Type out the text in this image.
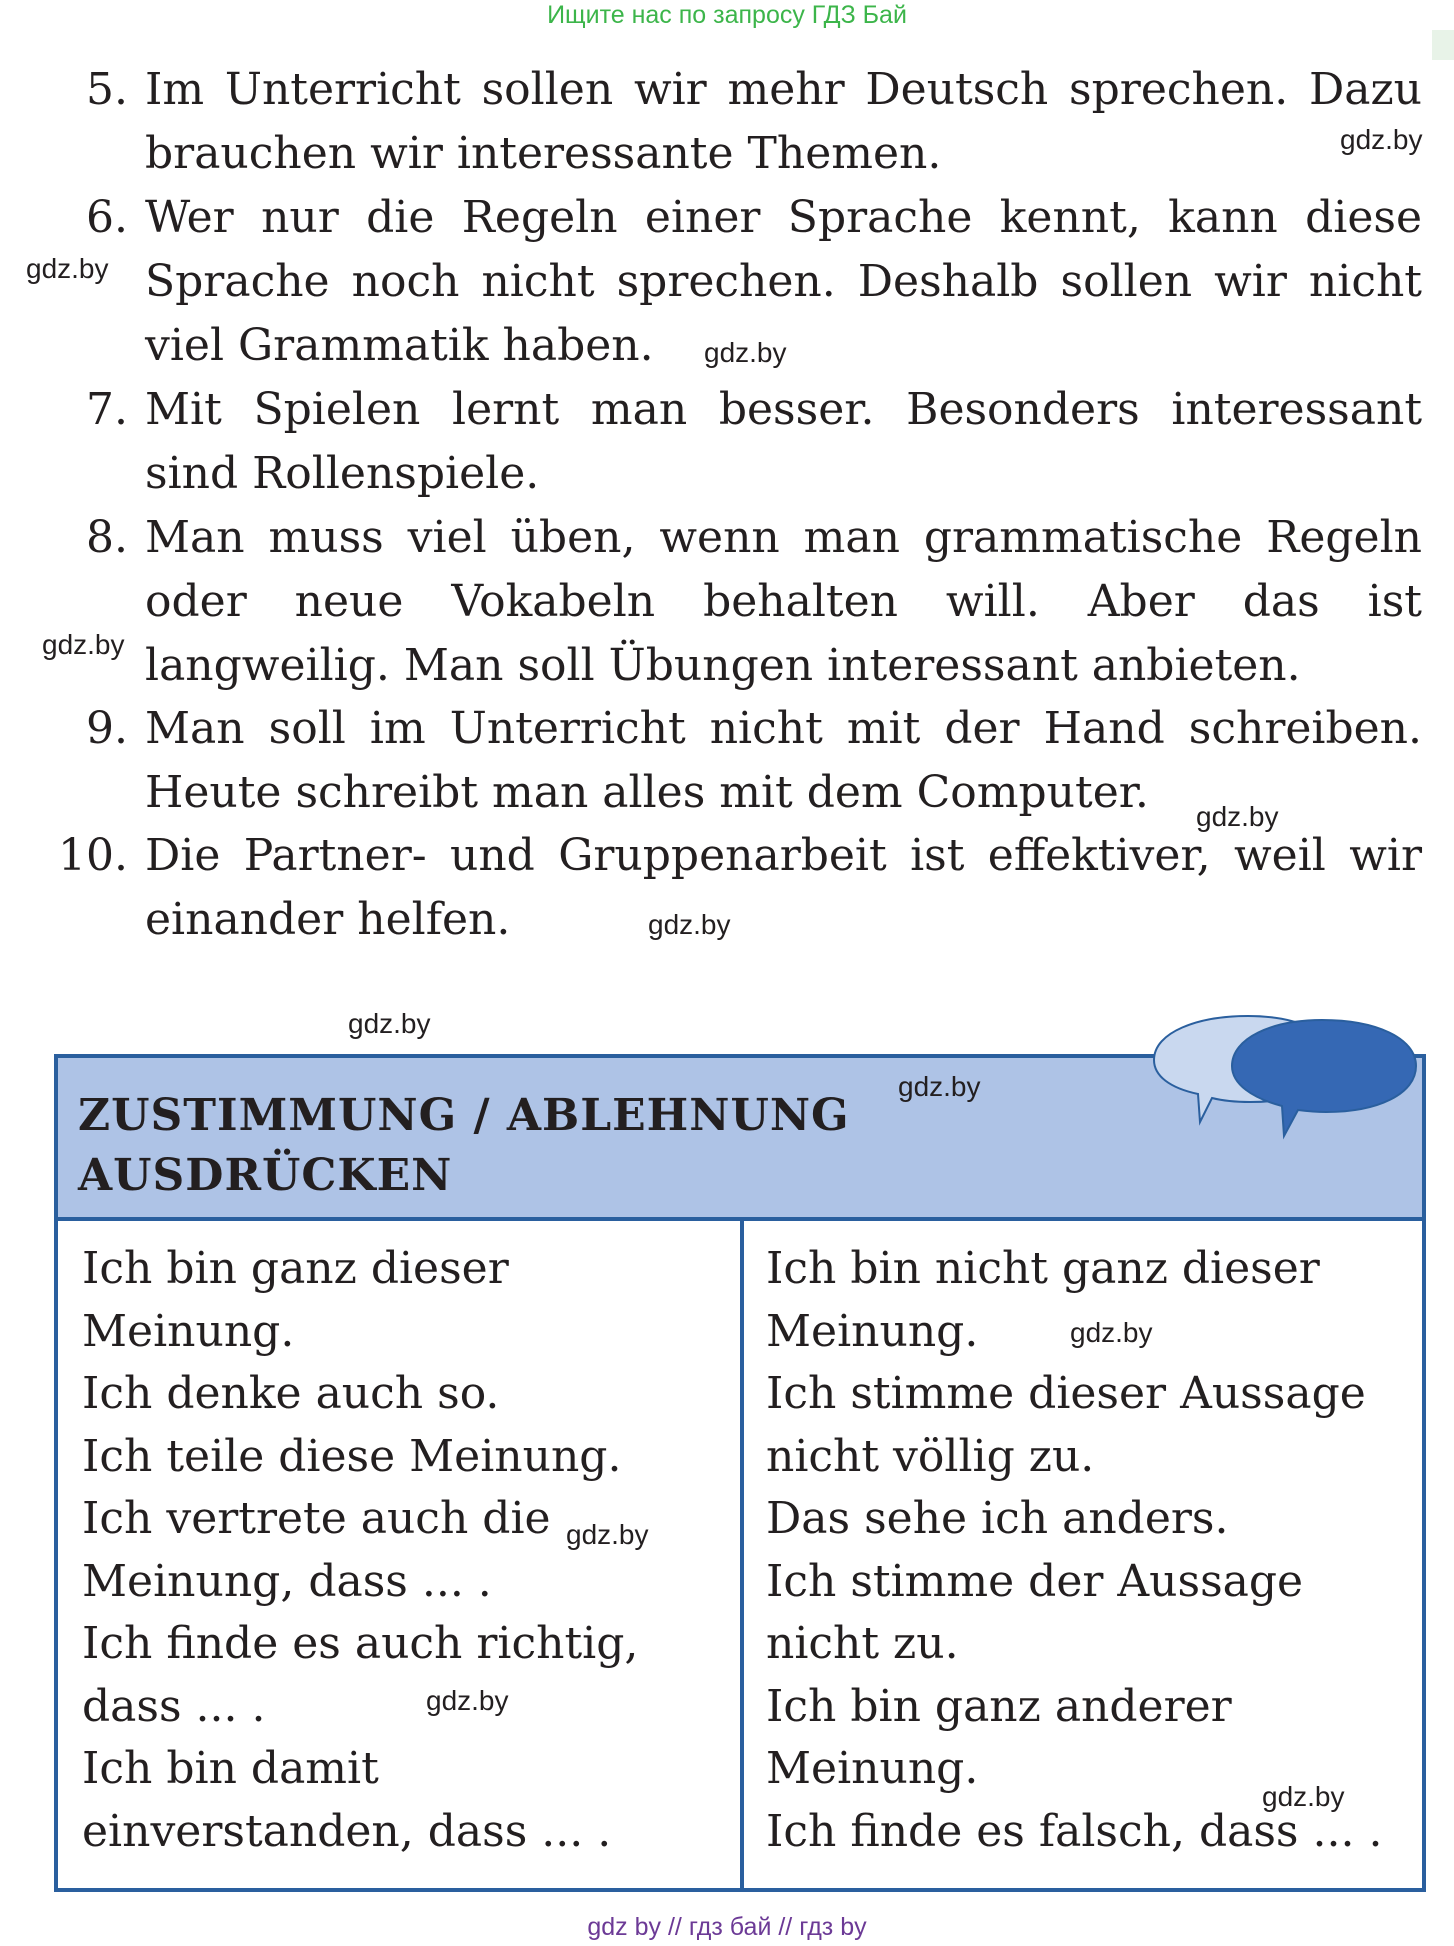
Ищите нас по запросу ГДЗ Бай
5. Im Unterricht sollen wir mehr Deutsch sprechen. Dazu
brauchen wir interessante Themen.
6. Wer nur die Regeln einer Sprache kennt, kann diese
Sprache noch nicht sprechen. Deshalb sollen wir nicht
viel Grammatik haben.
7. Mit Spielen lernt man besser. Besonders interessant
sind Rollenspiele.
8. Man muss viel üben, wenn man grammatische Regeln
oder neue Vokabeln behalten will. Aber das ist
langweilig. Man soll Übungen interessant anbieten.
9. Man soll im Unterricht nicht mit der Hand schreiben.
Heute schreibt man alles mit dem Computer.
10. Die Partner- und Gruppenarbeit ist effektiver, weil wir
einander helfen.
gdz.by
gdz.by
gdz.by
gdz.by
gdz.by
gdz.by
gdz.by
ZUSTIMMUNG / ABLEHNUNG
AUSDRÜCKEN
Ich bin ganz dieser
Meinung.
Ich denke auch so.
Ich teile diese Meinung.
Ich vertrete auch die
Meinung, dass ... .
Ich finde es auch richtig,
dass ... .
Ich bin damit
einverstanden, dass ... .
Ich bin nicht ganz dieser
Meinung.
Ich stimme dieser Aussage
nicht völlig zu.
Das sehe ich anders.
Ich stimme der Aussage
nicht zu.
Ich bin ganz anderer
Meinung.
Ich finde es falsch, dass ... .
gdz.by
gdz.by
gdz.by
gdz.by
gdz.by
gdz by // гдз бай // гдз by
